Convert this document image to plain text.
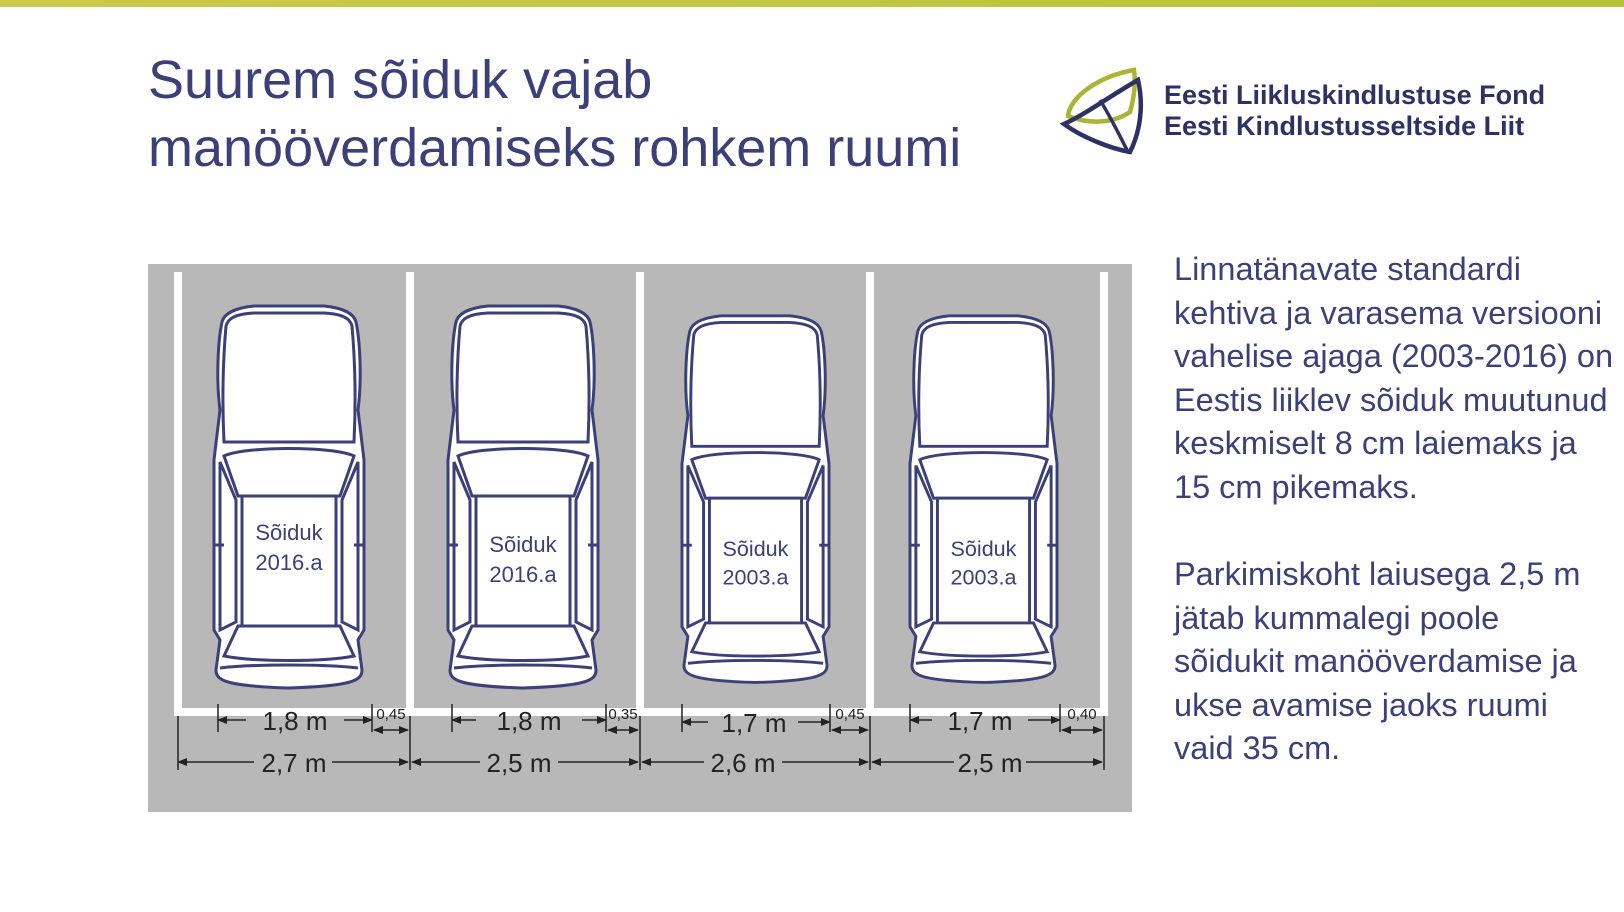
Suurem sõiduk vajab
manööverdamiseks rohkem ruumi
Eesti Liikluskindlustuse Fond
Eesti Kindlustusseltside Liit
Sõiduk
2016.a
Sõiduk
2016.a
Sõiduk
2003.a
Sõiduk
2003.a
1,8 m	1,8 m	1,7 m	1,7 m
0,45	0,35	0,45	0,40
2,7 m	2,5 m	2,6 m	2,5 m

Linnatänavate standardi kehtiva ja varasema versiooni vahelise ajaga (2003-2016) on Eestis liiklev sõiduk muutunud keskmiselt 8 cm laiemaks ja 15 cm pikemaks.

Parkimiskoht laiusega 2,5 m jätab kummalegi poole sõidukit manööverdamise ja ukse avamise jaoks ruumi vaid 35 cm.
